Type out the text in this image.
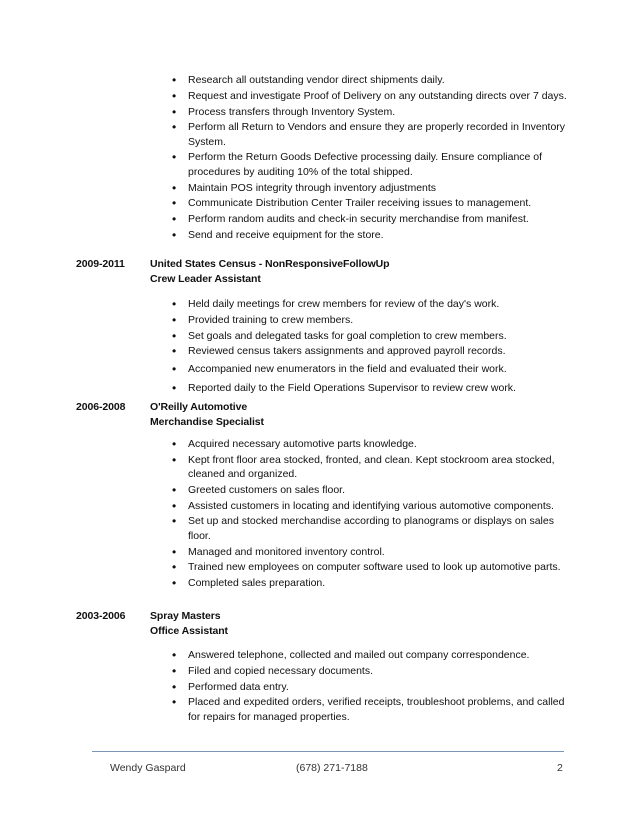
• Research all outstanding vendor direct shipments daily.
• Request and investigate Proof of Delivery on any outstanding directs over 7 days.
• Process transfers through Inventory System.
• Perform all Return to Vendors and ensure they are properly recorded in Inventory System.
• Perform the Return Goods Defective processing daily. Ensure compliance of procedures by auditing 10% of the total shipped.
• Maintain POS integrity through inventory adjustments
• Communicate Distribution Center Trailer receiving issues to management.
• Perform random audits and check-in security merchandise from manifest.
• Send and receive equipment for the store.
2009-2011 United States Census - NonResponsiveFollowUp
Crew Leader Assistant
• Held daily meetings for crew members for review of the day's work.
• Provided training to crew members.
• Set goals and delegated tasks for goal completion to crew members.
• Reviewed census takers assignments and approved payroll records.
• Accompanied new enumerators in the field and evaluated their work.
• Reported daily to the Field Operations Supervisor to review crew work.
2006-2008 O'Reilly Automotive
Merchandise Specialist
• Acquired necessary automotive parts knowledge.
• Kept front floor area stocked, fronted, and clean. Kept stockroom area stocked, cleaned and organized.
• Greeted customers on sales floor.
• Assisted customers in locating and identifying various automotive components.
• Set up and stocked merchandise according to planograms or displays on sales floor.
• Managed and monitored inventory control.
• Trained new employees on computer software used to look up automotive parts.
• Completed sales preparation.
2003-2006 Spray Masters
Office Assistant
• Answered telephone, collected and mailed out company correspondence.
• Filed and copied necessary documents.
• Performed data entry.
• Placed and expedited orders, verified receipts, troubleshoot problems, and called for repairs for managed properties.
Wendy Gaspard	(678) 271-7188	2
